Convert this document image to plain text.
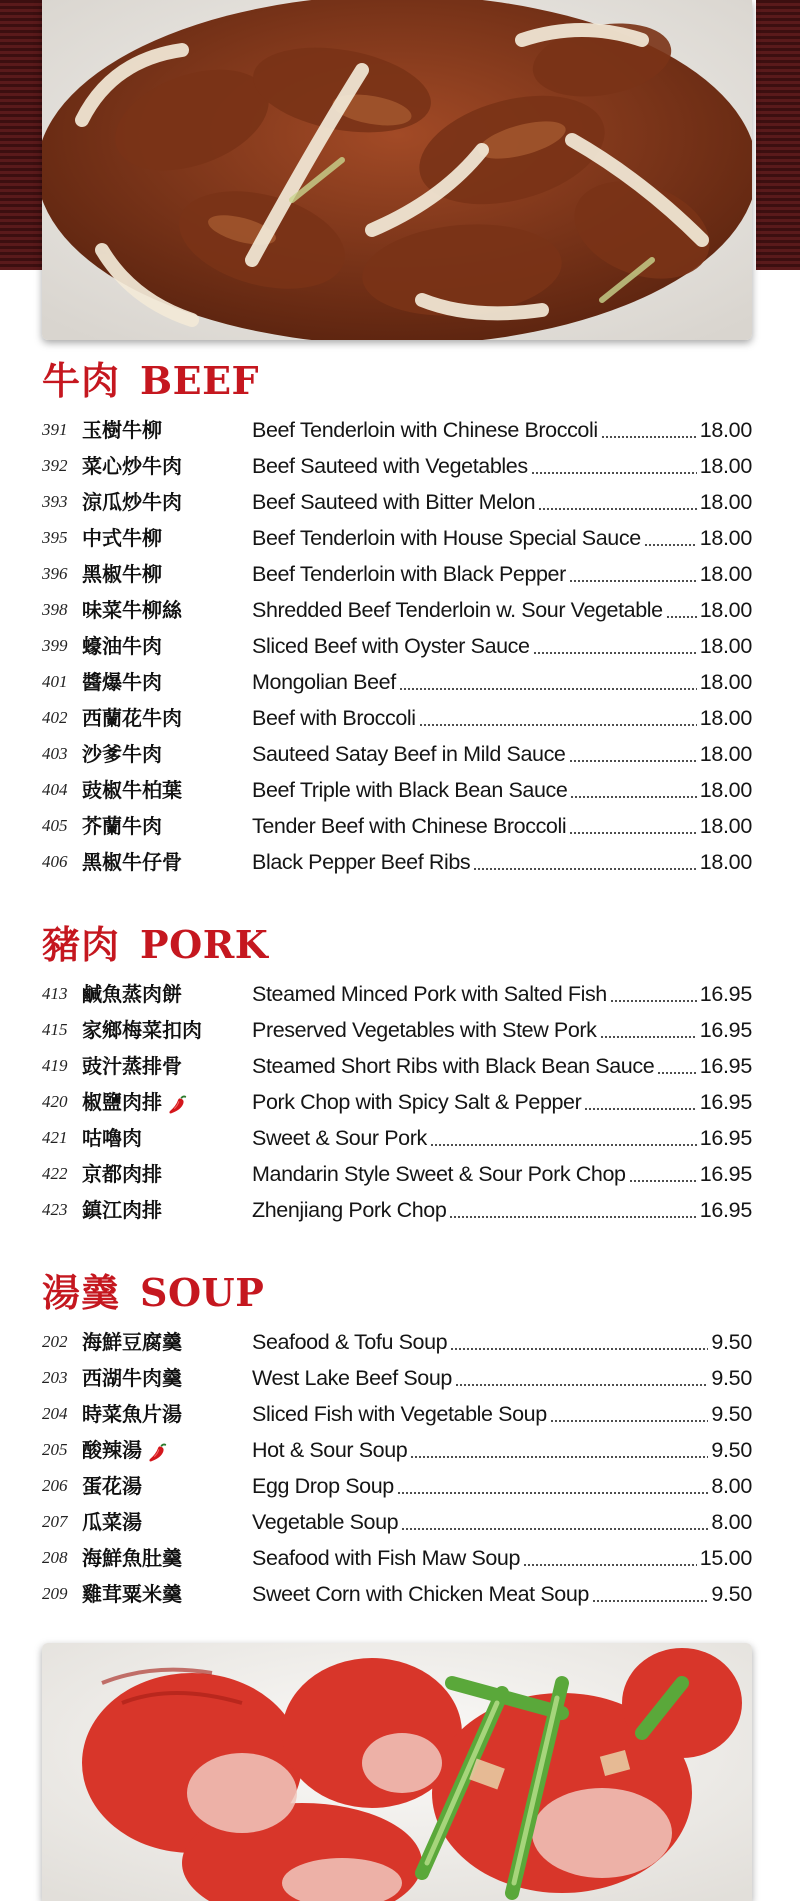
牛肉 BEEF
391 玉樹牛柳	Beef Tenderloin with Chinese Broccoli	18.00
392 菜心炒牛肉	Beef Sauteed with Vegetables	18.00
393 涼瓜炒牛肉	Beef Sauteed with Bitter Melon	18.00
395 中式牛柳	Beef Tenderloin with House Special Sauce	18.00
396 黑椒牛柳	Beef Tenderloin with Black Pepper	18.00
398 味菜牛柳絲	Shredded Beef Tenderloin w. Sour Vegetable 18.00
399 蠔油牛肉	Sliced Beef with Oyster Sauce	18.00
401 醬爆牛肉	Mongolian Beef	18.00
402 西蘭花牛肉	Beef with Broccoli	18.00
403 沙爹牛肉	Sauteed Satay Beef in Mild Sauce	18.00
404 豉椒牛柏葉	Beef Triple with Black Bean Sauce	18.00
405 芥蘭牛肉	Tender Beef with Chinese Broccoli	18.00
406 黑椒牛仔骨	Black Pepper Beef Ribs	18.00
豬肉 PORK
413 鹹魚蒸肉餅	Steamed Minced Pork with Salted Fish	16.95
415 家鄉梅菜扣肉 Preserved Vegetables with Stew Pork	16.95
419 豉汁蒸排骨	Steamed Short Ribs with Black Bean Sauce 16.95
420 椒鹽肉排	Pork Chop with Spicy Salt & Pepper	16.95
421 咕嚕肉	Sweet & Sour Pork	16.95
422 京都肉排	Mandarin Style Sweet & Sour Pork Chop	16.95
423 鎮江肉排	Zhenjiang Pork Chop	16.95
湯羹 SOUP
202 海鮮豆腐羹	Seafood & Tofu Soup	9.50
203 西湖牛肉羹	West Lake Beef Soup	9.50
204 時菜魚片湯	Sliced Fish with Vegetable Soup	9.50
205 酸辣湯	Hot & Sour Soup	9.50
206 蛋花湯	Egg Drop Soup	8.00
207 瓜菜湯	Vegetable Soup	8.00
208 海鮮魚肚羹	Seafood with Fish Maw Soup	15.00
209 雞茸粟米羹	Sweet Corn with Chicken Meat Soup	9.50
